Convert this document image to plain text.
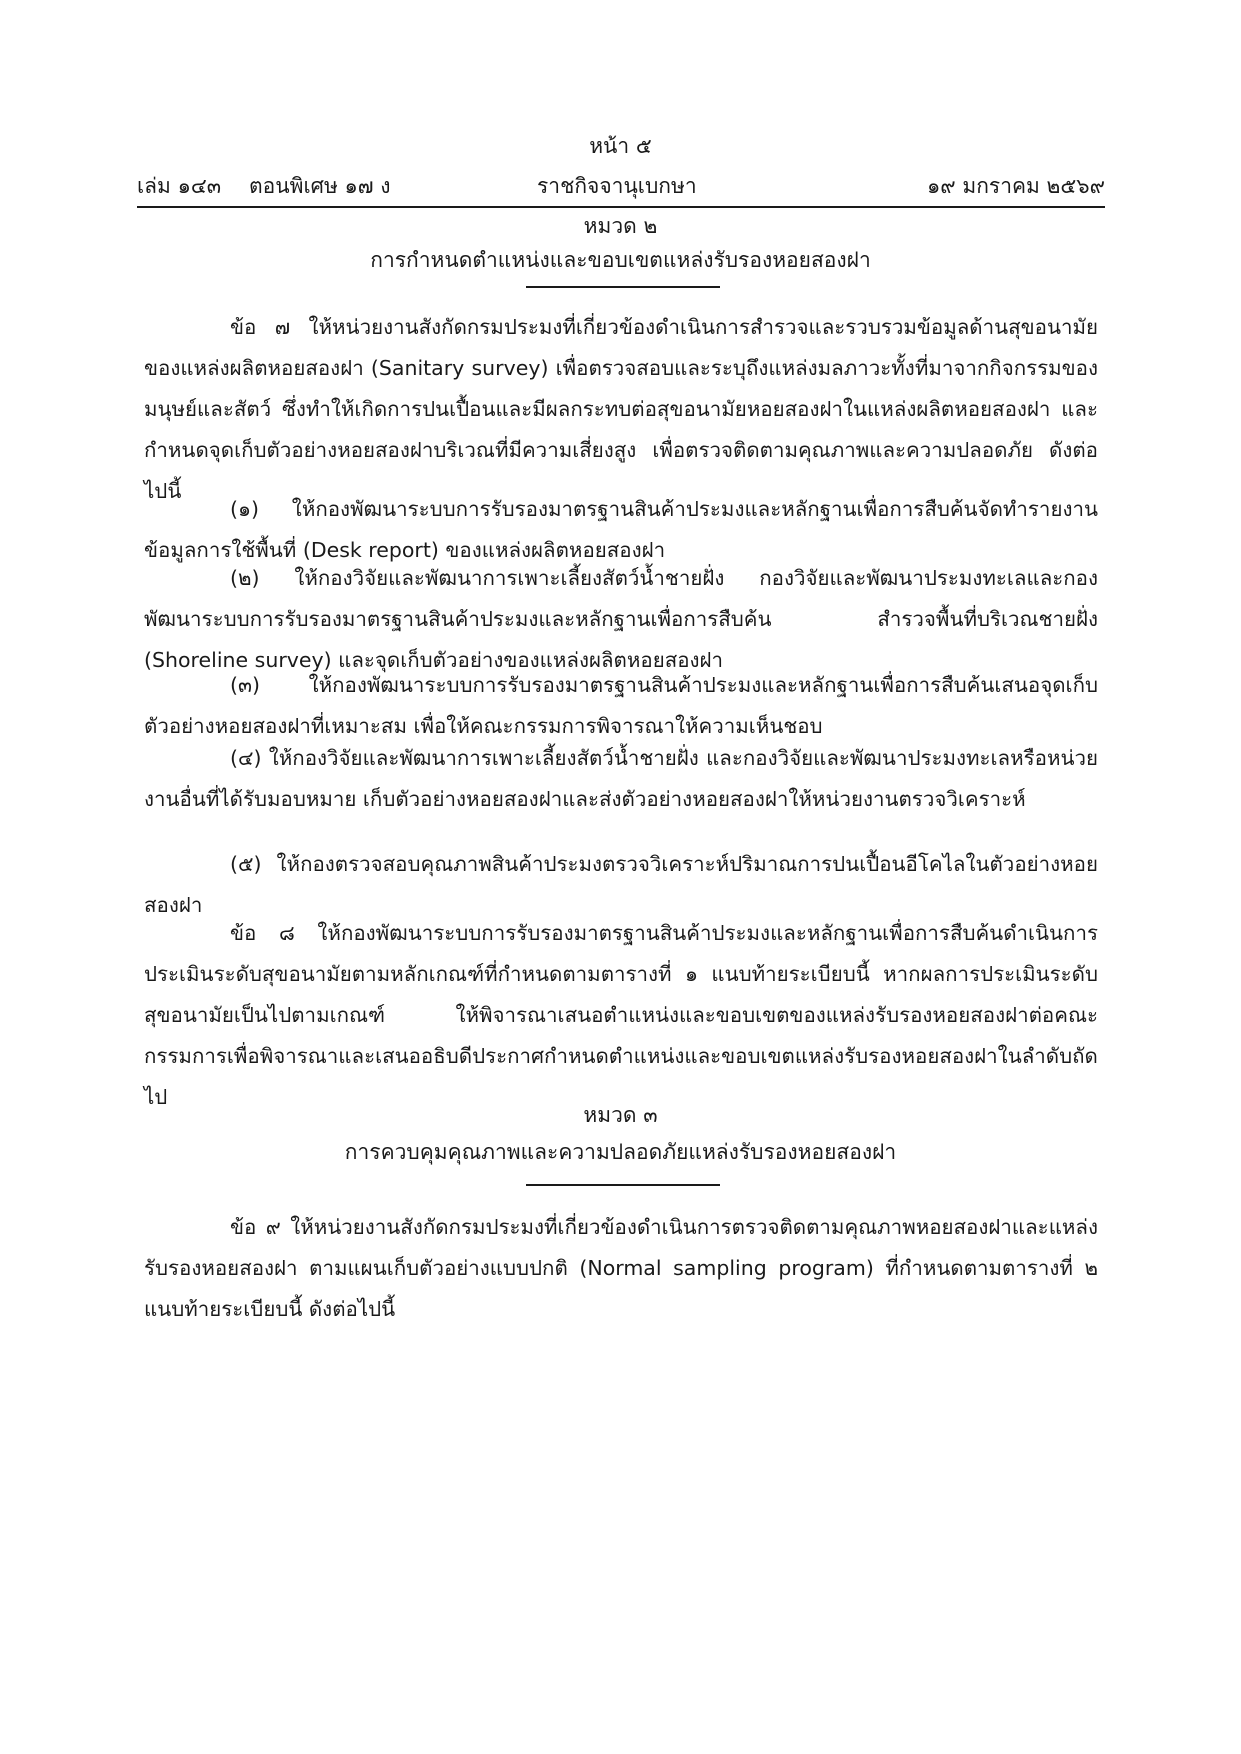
หน้า ๕
เล่ม ๑๔๓ ตอนพิเศษ ๑๗ ง	ราชกิจจานุเบกษา	๑๙ มกราคม ๒๕๖๙
หมวด ๒
การกำหนดตำแหน่งและขอบเขตแหล่งรับรองหอยสองฝา

ข้อ ๗ ให้หน่วยงานสังกัดกรมประมงที่เกี่ยวข้องดำเนินการสำรวจและรวบรวมข้อมูลด้านสุขอนามัยของแหล่งผลิตหอยสองฝา (Sanitary survey) เพื่อตรวจสอบและระบุถึงแหล่งมลภาวะทั้งที่มาจากกิจกรรมของมนุษย์และสัตว์ ซึ่งทำให้เกิดการปนเปื้อนและมีผลกระทบต่อสุขอนามัยหอยสองฝาในแหล่งผลิตหอยสองฝา และกำหนดจุดเก็บตัวอย่างหอยสองฝาบริเวณที่มีความเสี่ยงสูง เพื่อตรวจติดตามคุณภาพและความปลอดภัย ดังต่อไปนี้

(๑) ให้กองพัฒนาระบบการรับรองมาตรฐานสินค้าประมงและหลักฐานเพื่อการสืบค้นจัดทำรายงานข้อมูลการใช้พื้นที่ (Desk report) ของแหล่งผลิตหอยสองฝา

(๒) ให้กองวิจัยและพัฒนาการเพาะเลี้ยงสัตว์น้ำชายฝั่ง กองวิจัยและพัฒนาประมงทะเลและกองพัฒนาระบบการรับรองมาตรฐานสินค้าประมงและหลักฐานเพื่อการสืบค้น สำรวจพื้นที่บริเวณชายฝั่ง (Shoreline survey) และจุดเก็บตัวอย่างของแหล่งผลิตหอยสองฝา

(๓) ให้กองพัฒนาระบบการรับรองมาตรฐานสินค้าประมงและหลักฐานเพื่อการสืบค้นเสนอจุดเก็บตัวอย่างหอยสองฝาที่เหมาะสม เพื่อให้คณะกรรมการพิจารณาให้ความเห็นชอบ

(๔) ให้กองวิจัยและพัฒนาการเพาะเลี้ยงสัตว์น้ำชายฝั่ง และกองวิจัยและพัฒนาประมงทะเลหรือหน่วยงานอื่นที่ได้รับมอบหมาย เก็บตัวอย่างหอยสองฝาและส่งตัวอย่างหอยสองฝาให้หน่วยงานตรวจวิเคราะห์

(๕) ให้กองตรวจสอบคุณภาพสินค้าประมงตรวจวิเคราะห์ปริมาณการปนเปื้อนอีโคไลในตัวอย่างหอยสองฝา

ข้อ ๘ ให้กองพัฒนาระบบการรับรองมาตรฐานสินค้าประมงและหลักฐานเพื่อการสืบค้นดำเนินการประเมินระดับสุขอนามัยตามหลักเกณฑ์ที่กำหนดตามตารางที่ ๑ แนบท้ายระเบียบนี้ หากผลการประเมินระดับสุขอนามัยเป็นไปตามเกณฑ์ ให้พิจารณาเสนอตำแหน่งและขอบเขตของแหล่งรับรองหอยสองฝาต่อคณะกรรมการเพื่อพิจารณาและเสนออธิบดีประกาศกำหนดตำแหน่งและขอบเขตแหล่งรับรองหอยสองฝาในลำดับถัดไป

หมวด ๓
การควบคุมคุณภาพและความปลอดภัยแหล่งรับรองหอยสองฝา

ข้อ ๙ ให้หน่วยงานสังกัดกรมประมงที่เกี่ยวข้องดำเนินการตรวจติดตามคุณภาพหอยสองฝาและแหล่งรับรองหอยสองฝา ตามแผนเก็บตัวอย่างแบบปกติ (Normal sampling program) ที่กำหนดตามตารางที่ ๒ แนบท้ายระเบียบนี้ ดังต่อไปนี้
